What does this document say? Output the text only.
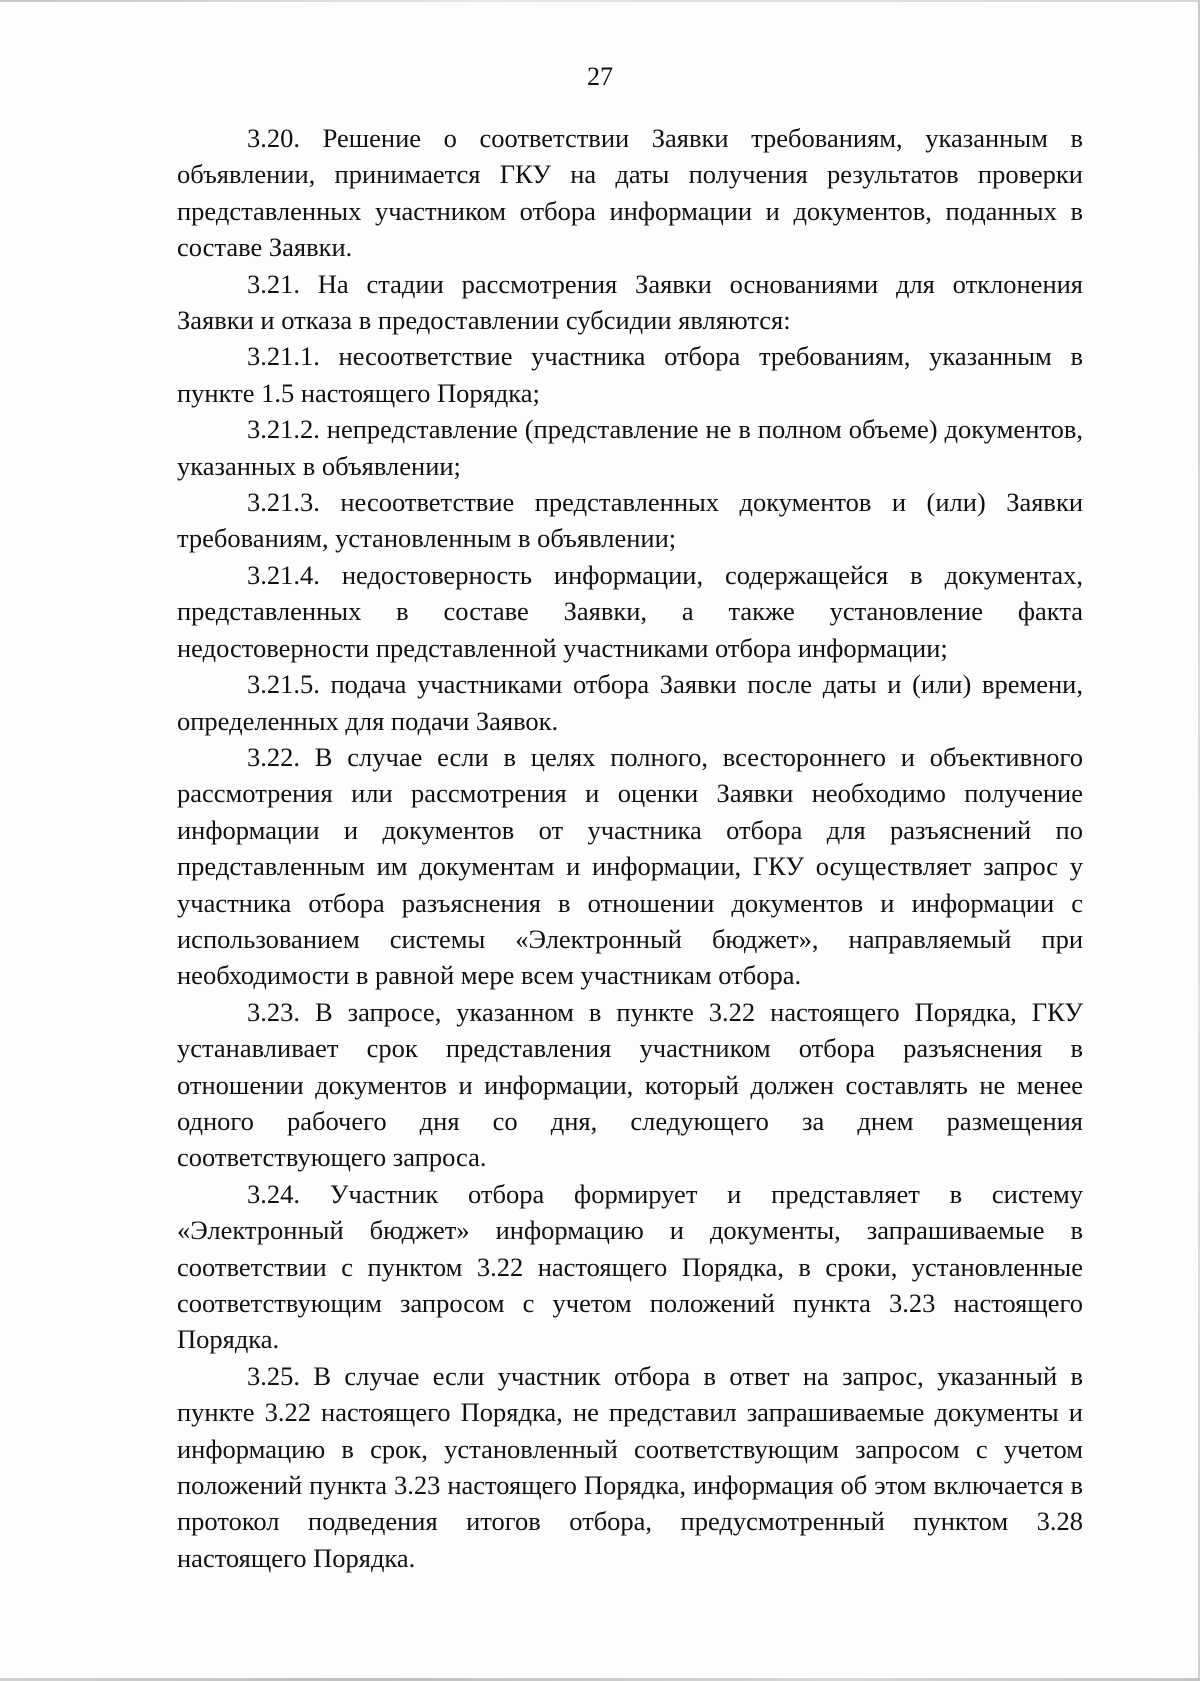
27

3.20. Решение о соответствии Заявки требованиям, указанным в объявлении, принимается ГКУ на даты получения результатов проверки представленных участником отбора информации и документов, поданных в составе Заявки.

3.21. На стадии рассмотрения Заявки основаниями для отклонения Заявки и отказа в предоставлении субсидии являются:

3.21.1. несоответствие участника отбора требованиям, указанным в пункте 1.5 настоящего Порядка;

3.21.2. непредставление (представление не в полном объеме) документов, указанных в объявлении;

3.21.3. несоответствие представленных документов и (или) Заявки требованиям, установленным в объявлении;

3.21.4. недостоверность информации, содержащейся в документах, представленных в составе Заявки, а также установление факта недостоверности представленной участниками отбора информации;

3.21.5. подача участниками отбора Заявки после даты и (или) времени, определенных для подачи Заявок.

3.22. В случае если в целях полного, всестороннего и объективного рассмотрения или рассмотрения и оценки Заявки необходимо получение информации и документов от участника отбора для разъяснений по представленным им документам и информации, ГКУ осуществляет запрос у участника отбора разъяснения в отношении документов и информации с использованием системы «Электронный бюджет», направляемый при необходимости в равной мере всем участникам отбора.

3.23. В запросе, указанном в пункте 3.22 настоящего Порядка, ГКУ устанавливает срок представления участником отбора разъяснения в отношении документов и информации, который должен составлять не менее одного рабочего дня со дня, следующего за днем размещения соответствующего запроса.

3.24. Участник отбора формирует и представляет в систему «Электронный бюджет» информацию и документы, запрашиваемые в соответствии с пунктом 3.22 настоящего Порядка, в сроки, установленные соответствующим запросом с учетом положений пункта 3.23 настоящего Порядка.

3.25. В случае если участник отбора в ответ на запрос, указанный в пункте 3.22 настоящего Порядка, не представил запрашиваемые документы и информацию в срок, установленный соответствующим запросом с учетом положений пункта 3.23 настоящего Порядка, информация об этом включается в протокол подведения итогов отбора, предусмотренный пунктом 3.28 настоящего Порядка.
